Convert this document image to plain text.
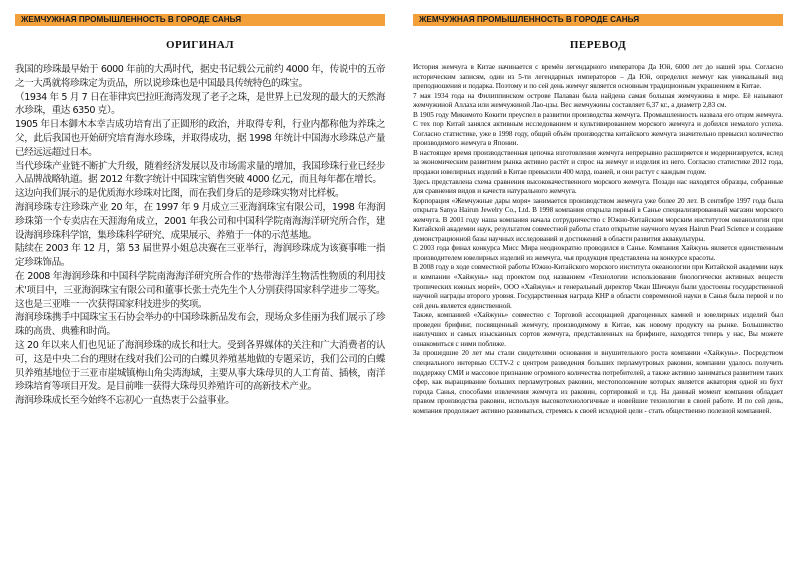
ЖЕМЧУЖНАЯ ПРОМЫШЛЕННОСТЬ В ГОРОДЕ САНЬЯ
ОРИГИНАЛ

我国的珍珠最早始于 6000 年前的大禹时代，据史书记载公元前约 4000 年，传说中的五帝之一大禹就将珍珠定为贡品，所以说珍珠也是中国最具传统特色的珠宝。

（1934 年 5 月 7 日在菲律宾巴拉旺海湾发现了老子之珠，是世界上已发现的最大的天然海水珍珠，重达 6350 克）。

1905 年日本御木本幸吉成功培育出了正圆形的政治，并取得专利，行业内都称他为养珠之父，此后我国也开始研究培育海水珍珠，并取得成功，据 1998 年统计中国海水珍珠总产量已经远远超过日本。

当代珍珠产业链不断扩大升级，随着经济发展以及市场需求量的增加，我国珍珠行业已经步入品牌战略轨道。据 2012 年数字统计中国珠宝销售突破 4000 亿元，而且每年都在增长。

这边向我们展示的是优质海水珍珠对比图，而在我们身后的是珍珠实物对比样板。

海润珍珠专注珍珠产业 20 年，在 1997 年 9 月成立三亚海润珠宝有限公司，1998 年海润珍珠第一个专卖店在天涯海角成立，2001 年我公司和中国科学院南海海洋研究所合作，建设海润珍珠科学馆，集珍珠科学研究、成果展示、养殖于一体的示范基地。

陆续在 2003 年 12 月，第 53 届世界小姐总决赛在三亚举行，海润珍珠成为该赛事唯一指定珍珠饰品。

在 2008 年海润珍珠和中国科学院南海海洋研究所合作的'热带海洋生物活性物质的利用技术'项目中，三亚海润珠宝有限公司和董事长张士壳先生个人分别获得国家科学进步二等奖。这也是三亚唯一一次获得国家科技进步的奖项。

海润珍珠携手中国珠宝玉石协会举办的中国珍珠新品发布会，现场众多佳丽为我们展示了珍珠的高贵、典雅和时尚。

这 20 年以来人们也见证了海润珍珠的成长和壮大。受到各界媒体的关注和广大消费者的认可，这是中央二台的理财在线对我们公司的白蝶贝养殖基地做的专题采访，我们公司的白蝶贝养殖基地位于三亚市崖城镇梅山角尖湾海域，主要从事大珠母贝的人工育苗、插核，南洋珍珠培育等项目开发。是目前唯一获得大珠母贝养殖许可的高新技术产业。

海润珍珠成长至今始终不忘初心一直热衷于公益事业。

ЖЕМЧУЖНАЯ ПРОМЫШЛЕННОСТЬ В ГОРОДЕ САНЬЯ
ПЕРЕВОД

История жемчуга в Китае начинается с времён легендарного императора Да Юй, 6000 лет до нашей эры. Согласно историческим записям, один из 5-ти легендарных императоров – Да Юй, определил жемчуг как уникальный вид преподношения и подарка. Поэтому и по сей день жемчуг является основным традиционным украшением в Китае.

7 мая 1934 года на Филиппинском острове Палаван была найдена самая большая жемчужина в мире. Её называют жемчужиной Аллаха или жемчужиной Лао-цзы. Вес жемчужины составляет 6,37 кг., а диаметр 2,83 см.

В 1905 году Микимото Кокити преуспел в развитии производства жемчуга. Промышленность назвала его отцом жемчуга. С тех пор Китай занялся активным исследованием и культивированием морского жемчуга и добился немалого успеха. Согласно статистике, уже в 1998 году, общий объём производства китайского жемчуга значительно превысил количество производимого жемчуга в Японии.

В настоящее время производственная цепочка изготовления жемчуга непрерывно расширяется и модернизируется, вслед за экономическим развитием рынка активно растёт и спрос на жемчуг и изделия из него. Согласно статистике 2012 года, продажи ювелирных изделий в Китае превысили 400 млрд. юаней, и они растут с каждым годом.

Здесь представлена схема сравнения высококачественного морского жемчуга. Позади нас находятся образцы, собранные для сравнения видов и качеств натурального жемчуга.

Корпорация «Жемчужные дары моря» занимается производством жемчуга уже более 20 лет. В сентябре 1997 года была открыта Sanya Hairun Jewelry Co., Ltd. В 1998 компания открыла первый в Санье специализированный магазин морского жемчуга. В 2001 году наша компания начала сотрудничество с Южно-Китайским морским институтом океанологии при Китайской академии наук, результатом совместной работы стало открытие научного музея Hairun Pearl Science и создание демонстрационной базы научных исследований и достижений в области развития аквакультуры.

С 2003 года финал конкурса Мисс Мира неоднократно проводился в Санье. Компания Хайжунь является единственным производителем ювелирных изделий из жемчуга, чья продукция представлена на конкурсе красоты.

В 2008 году в ходе совместной работы Южно-Китайского морского института океанологии при Китайской академии наук и компании «Хайжунь» над проектом под названием «Технологии использования биологически активных веществ тропических южных морей», ООО «Хайжунь» и генеральный директор Чжан Шичжун были удостоены государственной научной награды второго уровня. Государственная награда КНР в области современной науки в Санья была первой и по сей день является единственной.

Также, компанией «Хайжунь» совместно с Торговой ассоциацией драгоценных камней и ювелирных изделий был проведен брифинг, посвященный жемчугу, производимому в Китае, как новому продукту на рынке. Большинство наилучших и самых изысканных сортов жемчуга, представленных на брифинге, находятся теперь у нас, Вы можете ознакомиться с ними поближе.

За прошедшие 20 лет мы стали свидетелями основания и внушительного роста компании «Хайжунь». Посредством специального интервью CCTV-2 с центром разведения больших перламутровых раковин, компании удалось получить поддержку СМИ и массовое признание огромного количества потребителей, а также активно заниматься развитием таких сфер, как выращивание больших перламутровых раковин, местоположение которых является акватория одной из бухт города Санья, способами извлечения жемчуга из раковин, сортировкой и т.д. На данный момент компания обладает правом производства раковин, используя высокотехнологичные и новейшие технологии в своей работе. И по сей день, компания продолжает активно развиваться, стремясь к своей исходной цели - стать общественно полезной компанией.
